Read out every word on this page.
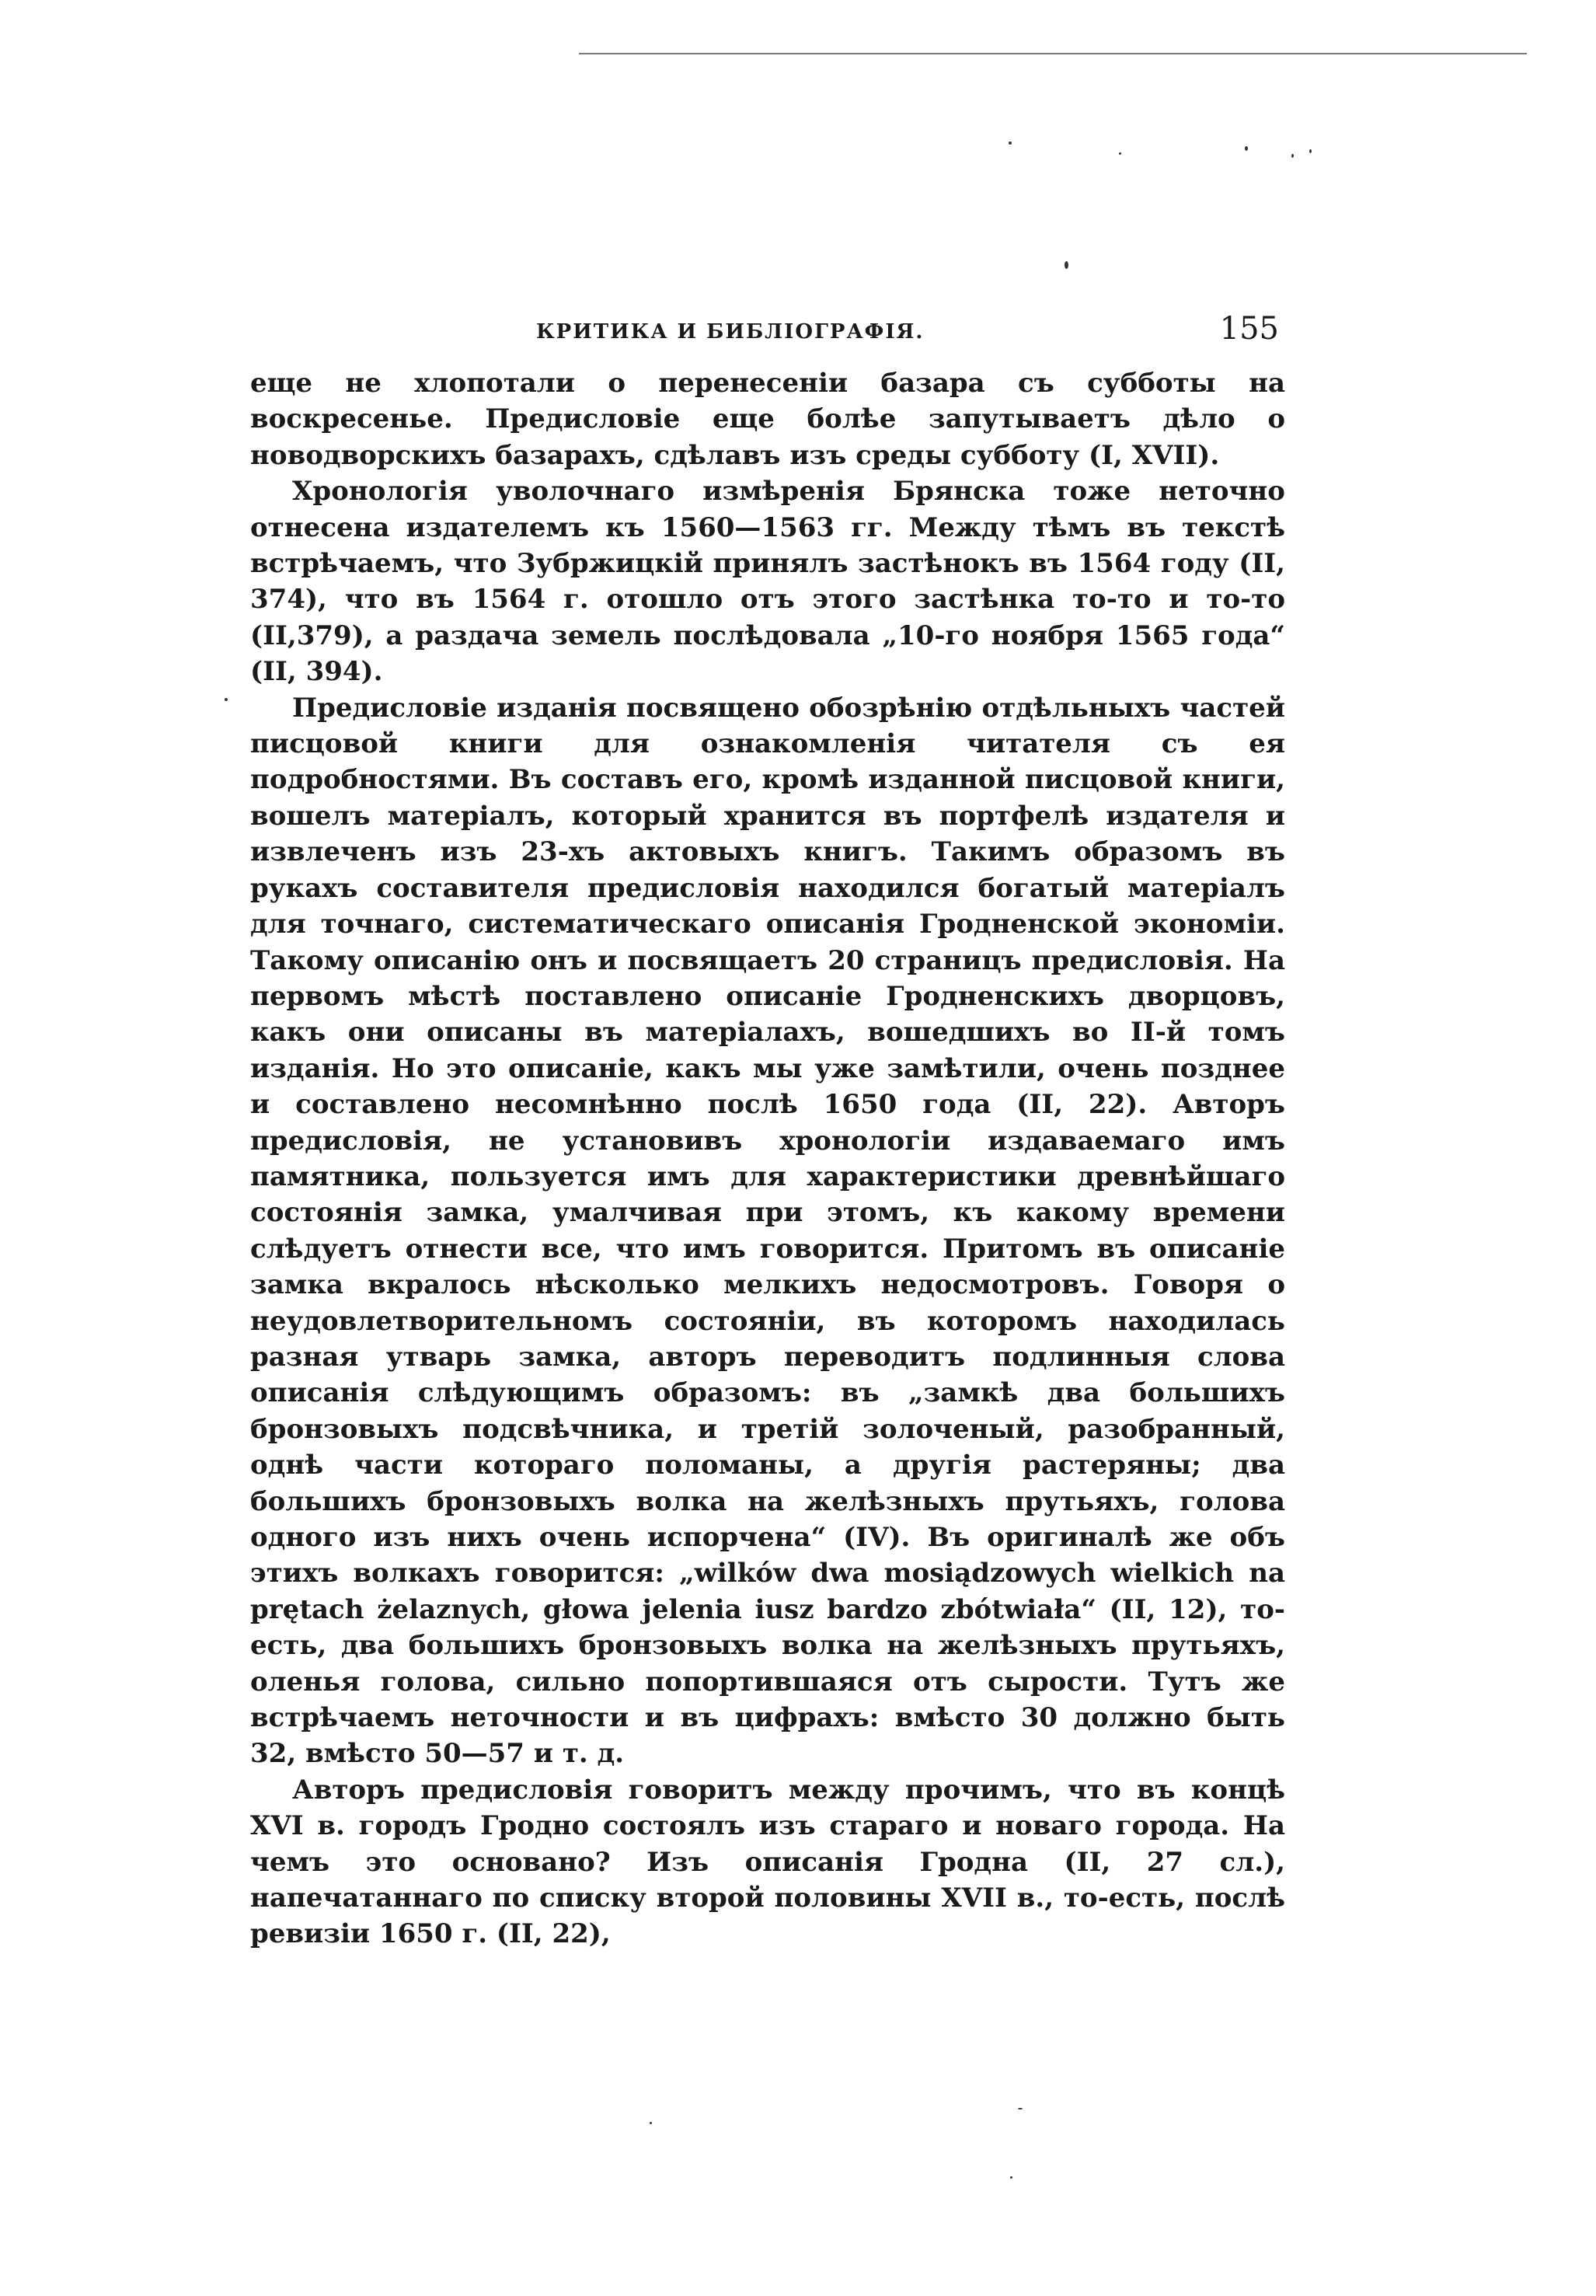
КРИТИКА И БИБЛІОГРАФІЯ.	155

еще не хлопотали о перенесенiи базара съ субботы на воскресенье. Предисловiе еще болѣе запутываетъ дѣло о новодворскихъ базарахъ, сдѣлавъ изъ среды субботу (I, XVII).

Хронологiя уволочнаго измѣренiя Брянска тоже неточно отнесена издателемъ къ 1560—1563 гг. Между тѣмъ въ текстѣ встрѣчаемъ, что Зубржицкiй принялъ застѣнокъ въ 1564 году (II, 374), что въ 1564 г. отошло отъ этого застѣнка то-то и то-то (II,379), а раздача земель послѣдовала „10-го ноября 1565 года“ (II, 394).

Предисловiе изданiя посвящено обозрѣнiю отдѣльныхъ частей писцовой книги для ознакомленiя читателя съ ея подробностями. Въ составъ его, кромѣ изданной писцовой книги, вошелъ матерiалъ, который хранится въ портфелѣ издателя и извлеченъ изъ 23-хъ актовыхъ книгъ. Такимъ образомъ въ рукахъ составителя предисловiя находился богатый матерiалъ для точнаго, систематическаго описанiя Гродненской экономiи. Такому описанiю онъ и посвящаетъ 20 страницъ предисловiя. На первомъ мѣстѣ поставлено описанiе Гродненскихъ дворцовъ, какъ они описаны въ матерiалахъ, вошедшихъ во II-й томъ изданiя. Но это описанiе, какъ мы уже замѣтили, очень позднее и составлено несомнѣнно послѣ 1650 года (II, 22). Авторъ предисловiя, не установивъ хронологiи издаваемаго имъ памятника, пользуется имъ для характеристики древнѣйшаго состоянiя замка, умалчивая при этомъ, къ какому времени слѣдуетъ отнести все, что имъ говорится. Притомъ въ описанiе замка вкралось нѣсколько мелкихъ недосмотровъ. Говоря о неудовлетворительномъ состоянiи, въ которомъ находилась разная утварь замка, авторъ переводитъ подлинныя слова описанiя слѣдующимъ образомъ: въ „замкѣ два большихъ бронзовыхъ подсвѣчника, и третiй золоченый, разобранный, однѣ части котораго поломаны, а другiя растеряны; два большихъ бронзовыхъ волка на желѣзныхъ прутьяхъ, голова одного изъ нихъ очень испорчена“ (IV). Въ оригиналѣ же объ этихъ волкахъ говорится: „wilków dwa mosiądzowych wielkich na prętach żelaznych, głowa jelenia iusz bardzo zbótwiała“ (II, 12), то-есть, два большихъ бронзовыхъ волка на желѣзныхъ прутьяхъ, оленья голова, сильно попортившаяся отъ сырости. Тутъ же встрѣчаемъ неточности и въ цифрахъ: вмѣсто 30 должно быть 32, вмѣсто 50—57 и т. д.

Авторъ предисловiя говоритъ между прочимъ, что въ концѣ XVI в. городъ Гродно состоялъ изъ стараго и новаго города. На чемъ это основано? Изъ описанiя Гродна (II, 27 сл.), напечатаннаго по списку второй половины XVII в., то-есть, послѣ ревизiи 1650 г. (II, 22),
